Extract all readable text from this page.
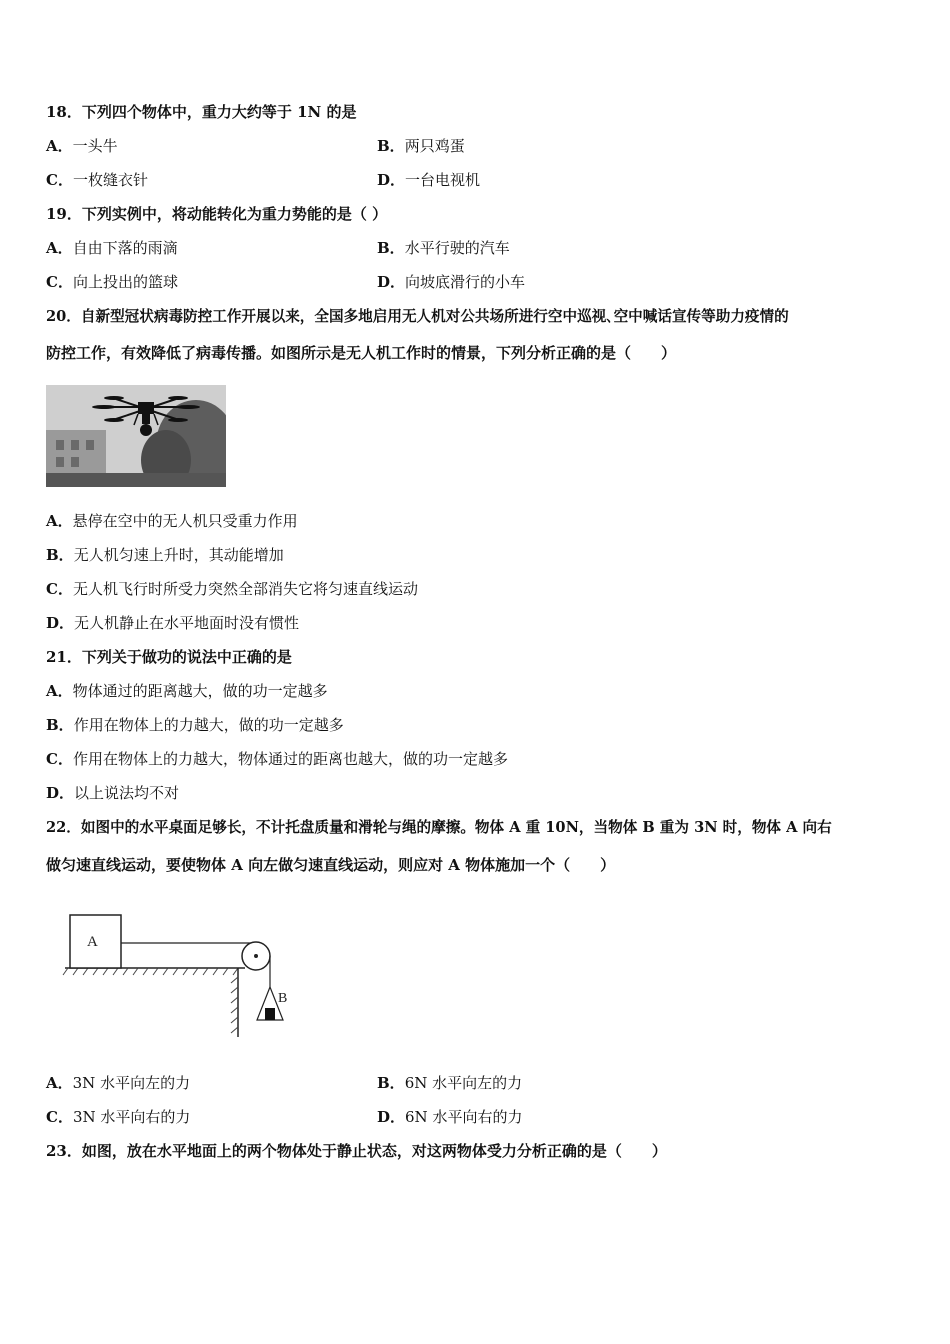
18．下列四个物体中，重力大约等于 1N 的是
A．一头牛	B．两只鸡蛋
C．一枚缝衣针	D．一台电视机
19．下列实例中，将动能转化为重力势能的是（ ）
A．自由下落的雨滴	B．水平行驶的汽车
C．向上投出的篮球	D．向坡底滑行的小车
20．自新型冠状病毒防控工作开展以来，全国多地启用无人机对公共场所进行空中巡视､空中喊话宣传等助力疫情的
防控工作，有效降低了病毒传播。如图所示是无人机工作时的情景，下列分析正确的是（　　）
A．悬停在空中的无人机只受重力作用
B．无人机匀速上升时，其动能增加
C．无人机飞行时所受力突然全部消失它将匀速直线运动
D．无人机静止在水平地面时没有惯性
21．下列关于做功的说法中正确的是
A．物体通过的距离越大，做的功一定越多
B．作用在物体上的力越大，做的功一定越多
C．作用在物体上的力越大，物体通过的距离也越大，做的功一定越多
D．以上说法均不对
22．如图中的水平桌面足够长，不计托盘质量和滑轮与绳的摩擦。物体 A 重 10N，当物体 B 重为 3N 时，物体 A 向右
做匀速直线运动，要使物体 A 向左做匀速直线运动，则应对 A 物体施加一个（　　）
A
B
A．3N 水平向左的力	B．6N 水平向左的力
C．3N 水平向右的力	D．6N 水平向右的力
23．如图，放在水平地面上的两个物体处于静止状态，对这两物体受力分析正确的是（　　）
